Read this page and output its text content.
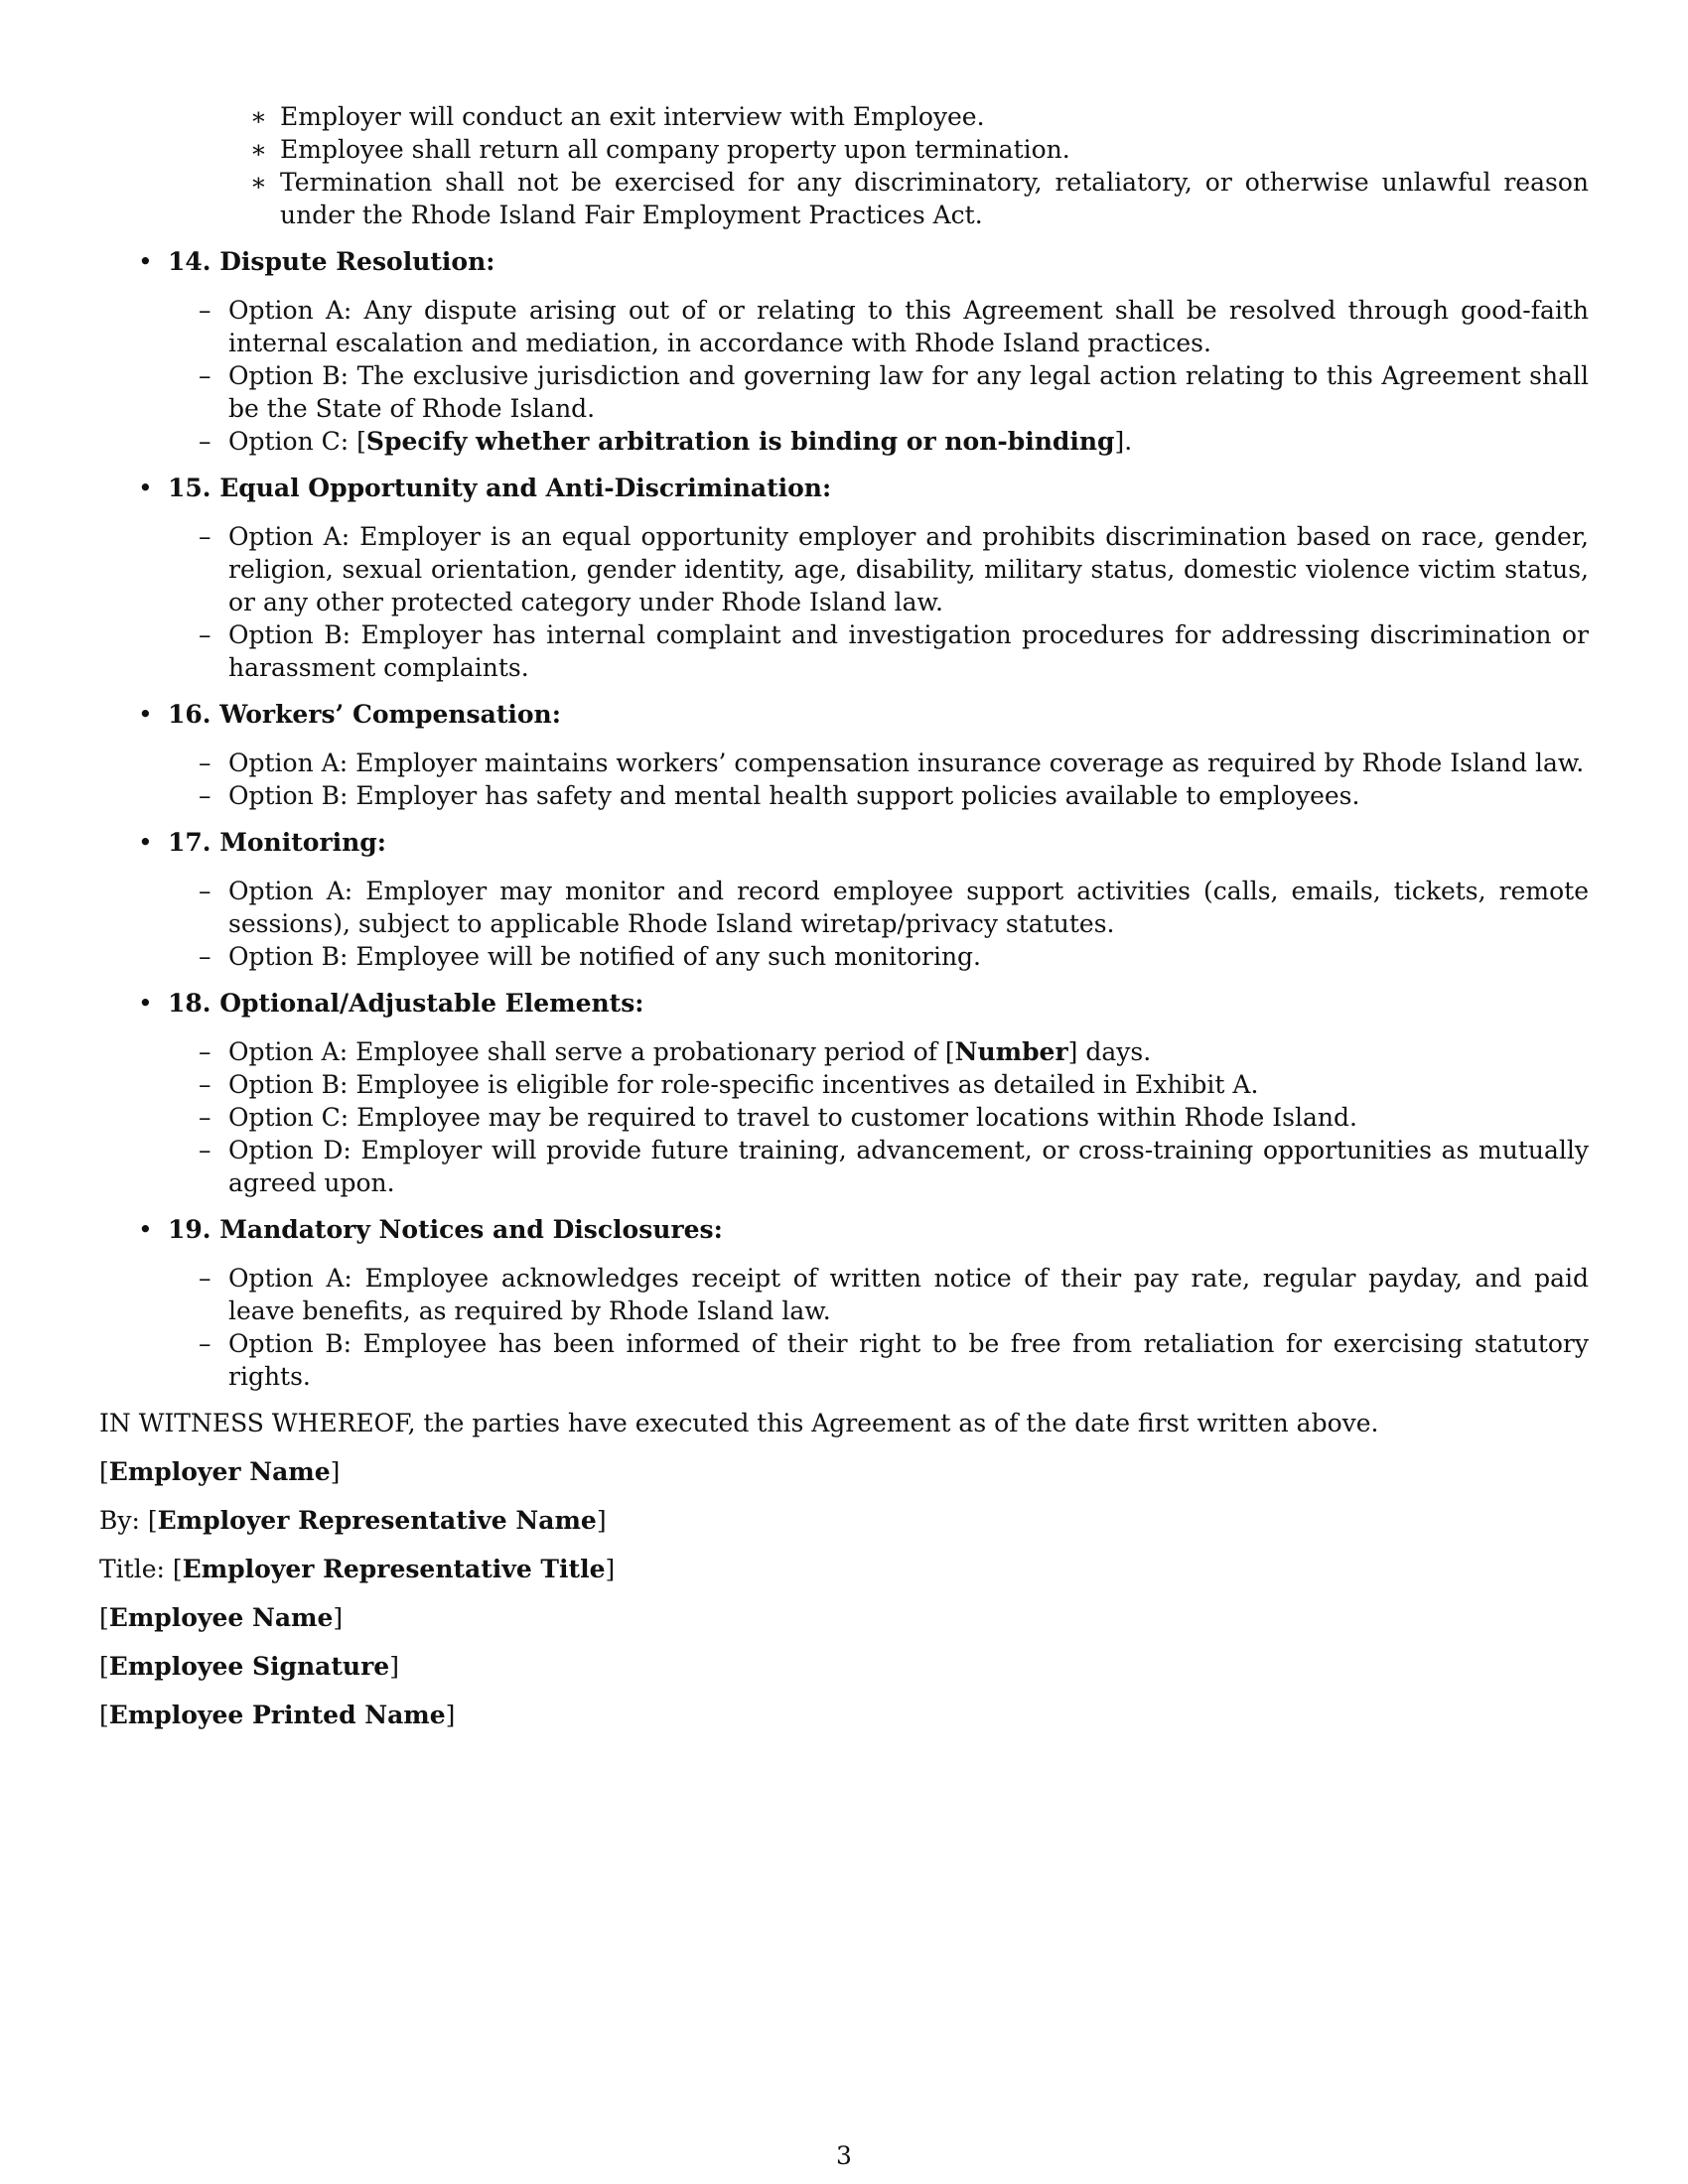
∗ Employer will conduct an exit interview with Employee.
∗ Employee shall return all company property upon termination.
∗ Termination shall not be exercised for any discriminatory, retaliatory, or otherwise unlawful reason under the Rhode Island Fair Employment Practices Act.
• 14. Dispute Resolution:
– Option A: Any dispute arising out of or relating to this Agreement shall be resolved through good-faith internal escalation and mediation, in accordance with Rhode Island practices.
– Option B: The exclusive jurisdiction and governing law for any legal action relating to this Agreement shall be the State of Rhode Island.
– Option C: [Specify whether arbitration is binding or non-binding].
• 15. Equal Opportunity and Anti-Discrimination:
– Option A: Employer is an equal opportunity employer and prohibits discrimination based on race, gender, religion, sexual orientation, gender identity, age, disability, military status, domestic violence victim status, or any other protected category under Rhode Island law.
– Option B: Employer has internal complaint and investigation procedures for addressing discrimination or harassment complaints.
• 16. Workers’ Compensation:
– Option A: Employer maintains workers’ compensation insurance coverage as required by Rhode Island law.
– Option B: Employer has safety and mental health support policies available to employees.
• 17. Monitoring:
– Option A: Employer may monitor and record employee support activities (calls, emails, tickets, remote sessions), subject to applicable Rhode Island wiretap/privacy statutes.
– Option B: Employee will be notified of any such monitoring.
• 18. Optional/Adjustable Elements:
– Option A: Employee shall serve a probationary period of [Number] days.
– Option B: Employee is eligible for role-specific incentives as detailed in Exhibit A.
– Option C: Employee may be required to travel to customer locations within Rhode Island.
– Option D: Employer will provide future training, advancement, or cross-training opportunities as mutually agreed upon.
• 19. Mandatory Notices and Disclosures:
– Option A: Employee acknowledges receipt of written notice of their pay rate, regular payday, and paid leave benefits, as required by Rhode Island law.
– Option B: Employee has been informed of their right to be free from retaliation for exercising statutory rights.
IN WITNESS WHEREOF, the parties have executed this Agreement as of the date first written above.
[Employer Name]
By: [Employer Representative Name]
Title: [Employer Representative Title]
[Employee Name]
[Employee Signature]
[Employee Printed Name]
3
